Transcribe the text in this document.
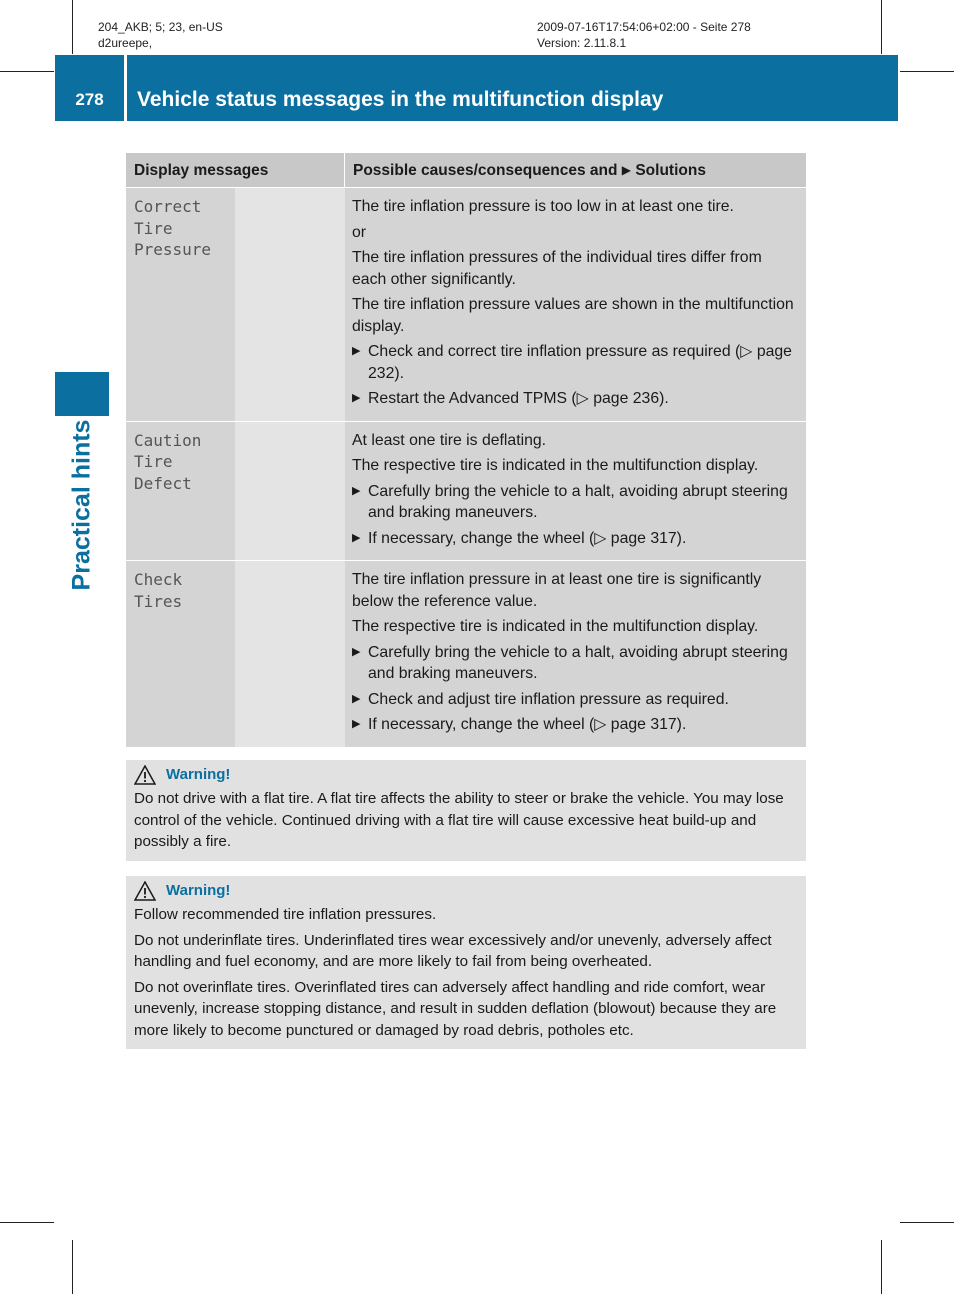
204_AKB; 5; 23, en-US
d2ureepe,
2009-07-16T17:54:06+02:00 - Seite 278
Version: 2.11.8.1
278	Vehicle status messages in the multifunction display
Practical hints
Display messages	Possible causes/consequences and ▶ Solutions
Correct
Tire
Pressure

The tire inflation pressure is too low in at least one tire.

or

The tire inflation pressures of the individual tires differ from each other significantly.

The tire inflation pressure values are shown in the multifunction display.

▶ Check and correct tire inflation pressure as required (▷ page 232).
▶ Restart the Advanced TPMS (▷ page 236).
Caution
Tire
Defect

At least one tire is deflating.

The respective tire is indicated in the multifunction display.

▶ Carefully bring the vehicle to a halt, avoiding abrupt steering and braking maneuvers.
▶ If necessary, change the wheel (▷ page 317).
Check
Tires

The tire inflation pressure in at least one tire is significantly below the reference value.

The respective tire is indicated in the multifunction display.

▶ Carefully bring the vehicle to a halt, avoiding abrupt steering and braking maneuvers.
▶ Check and adjust tire inflation pressure as required.
▶ If necessary, change the wheel (▷ page 317).
Warning!

Do not drive with a flat tire. A flat tire affects the ability to steer or brake the vehicle. You may lose control of the vehicle. Continued driving with a flat tire will cause excessive heat build-up and possibly a fire.

Warning!

Follow recommended tire inflation pressures.

Do not underinflate tires. Underinflated tires wear excessively and/or unevenly, adversely affect handling and fuel economy, and are more likely to fail from being overheated.

Do not overinflate tires. Overinflated tires can adversely affect handling and ride comfort, wear unevenly, increase stopping distance, and result in sudden deflation (blowout) because they are more likely to become punctured or damaged by road debris, potholes etc.
